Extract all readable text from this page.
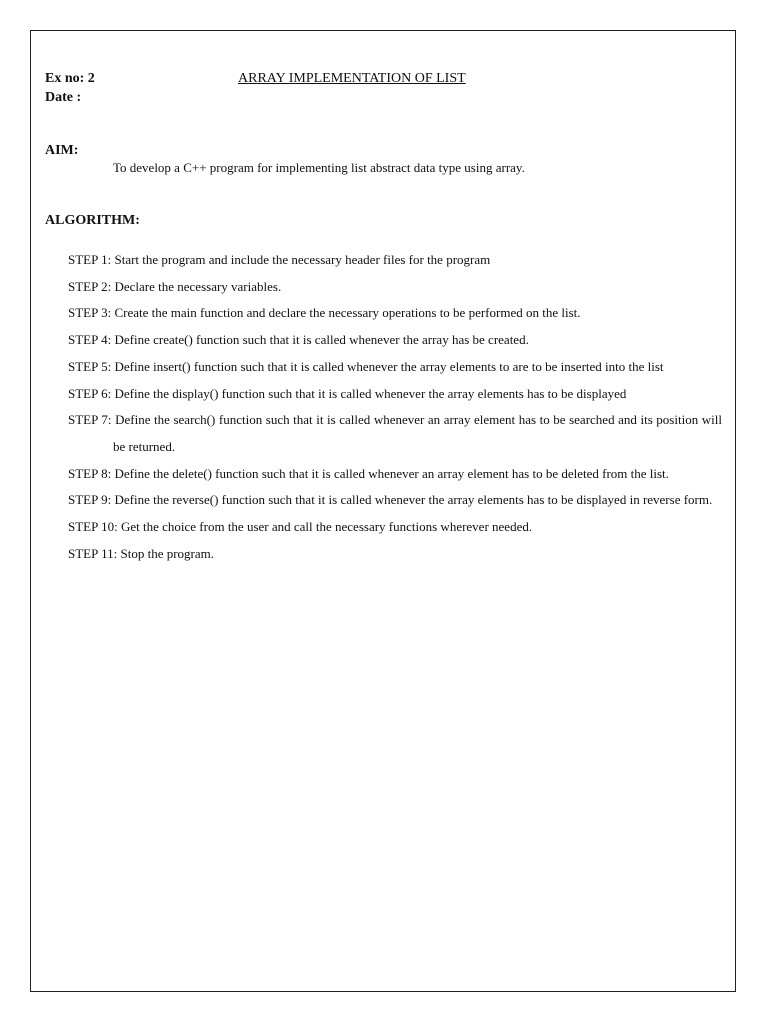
Ex no: 2
Date :
ARRAY IMPLEMENTATION OF LIST
AIM:
To develop a C++ program for implementing list abstract data type using array.
ALGORITHM:
STEP 1: Start the program and include the necessary header files for the program
STEP 2: Declare the necessary variables.
STEP 3: Create the main function and declare the necessary operations to be performed on the list.
STEP 4: Define create() function such that it is called whenever the array has be created.
STEP 5: Define insert() function such that it is called whenever the array elements to are to be inserted into the list
STEP 6: Define the display() function such that it is called whenever the array elements has to be displayed
STEP 7: Define the search() function such that it is called whenever an array element has to be searched and its position will be returned.
STEP 8: Define the delete() function such that it is called whenever an array element has to be deleted from the list.
STEP 9: Define the reverse() function such that it is called whenever the array elements has to be displayed in reverse form.
STEP 10: Get the choice from the user and call the necessary functions wherever needed.
STEP 11: Stop the program.
